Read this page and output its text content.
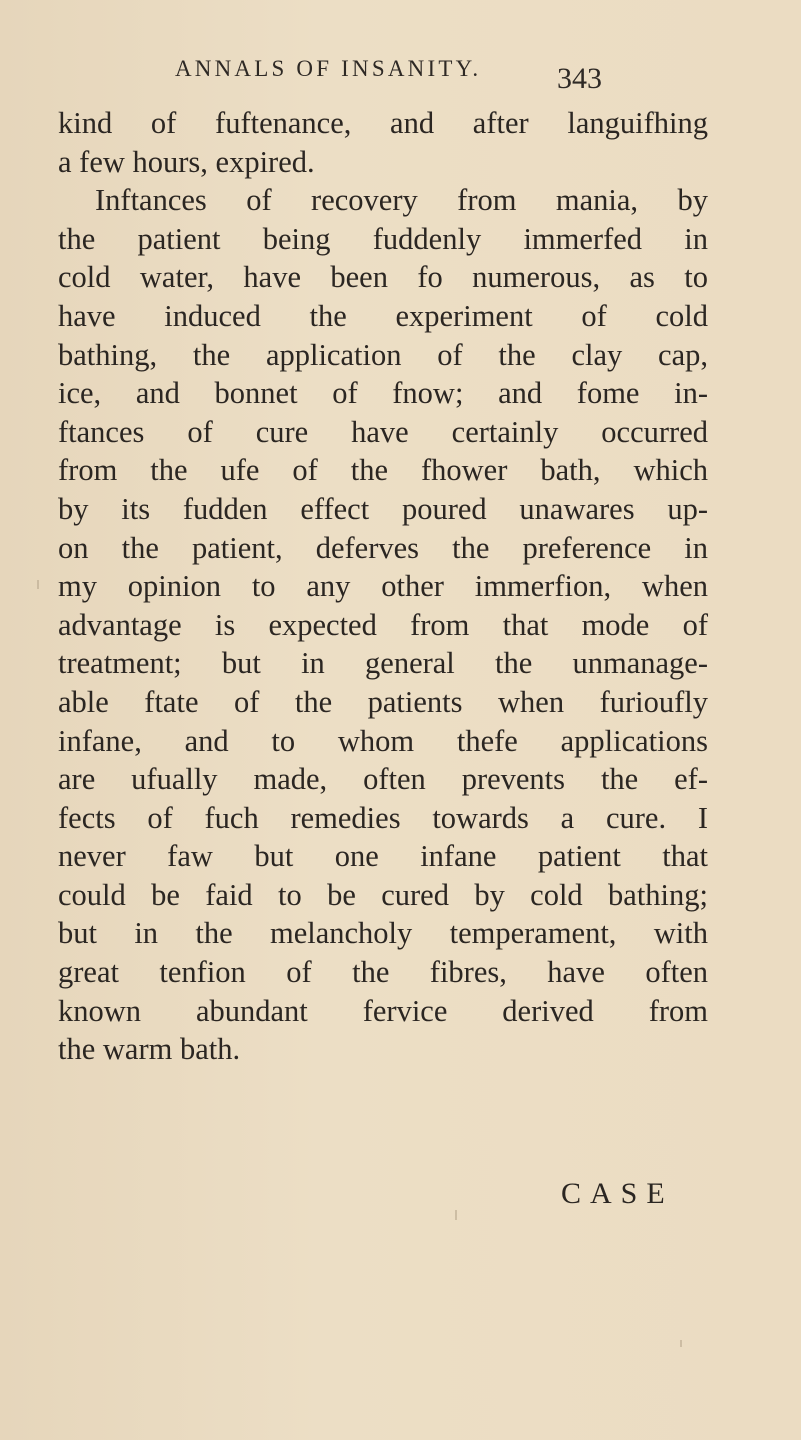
ANNALS OF INSANITY.	343
kind of fuftenance, and after languifhing
a few hours, expired.
Inftances of recovery from mania, by
the patient being fuddenly immerfed in
cold water, have been fo numerous, as to
have induced the experiment of cold
bathing, the application of the clay cap,
ice, and bonnet of fnow; and fome in-
ftances of cure have certainly occurred
from the ufe of the fhower bath, which
by its fudden effect poured unawares up-
on the patient, deferves the preference in
my opinion to any other immerfion, when
advantage is expected from that mode of
treatment; but in general the unmanage-
able ftate of the patients when furioufly
infane, and to whom thefe applications
are ufually made, often prevents the ef-
fects of fuch remedies towards a cure. I
never faw but one infane patient that
could be faid to be cured by cold bathing;
but in the melancholy temperament, with
great tenfion of the fibres, have often
known abundant fervice derived from
the warm bath.
CASE
